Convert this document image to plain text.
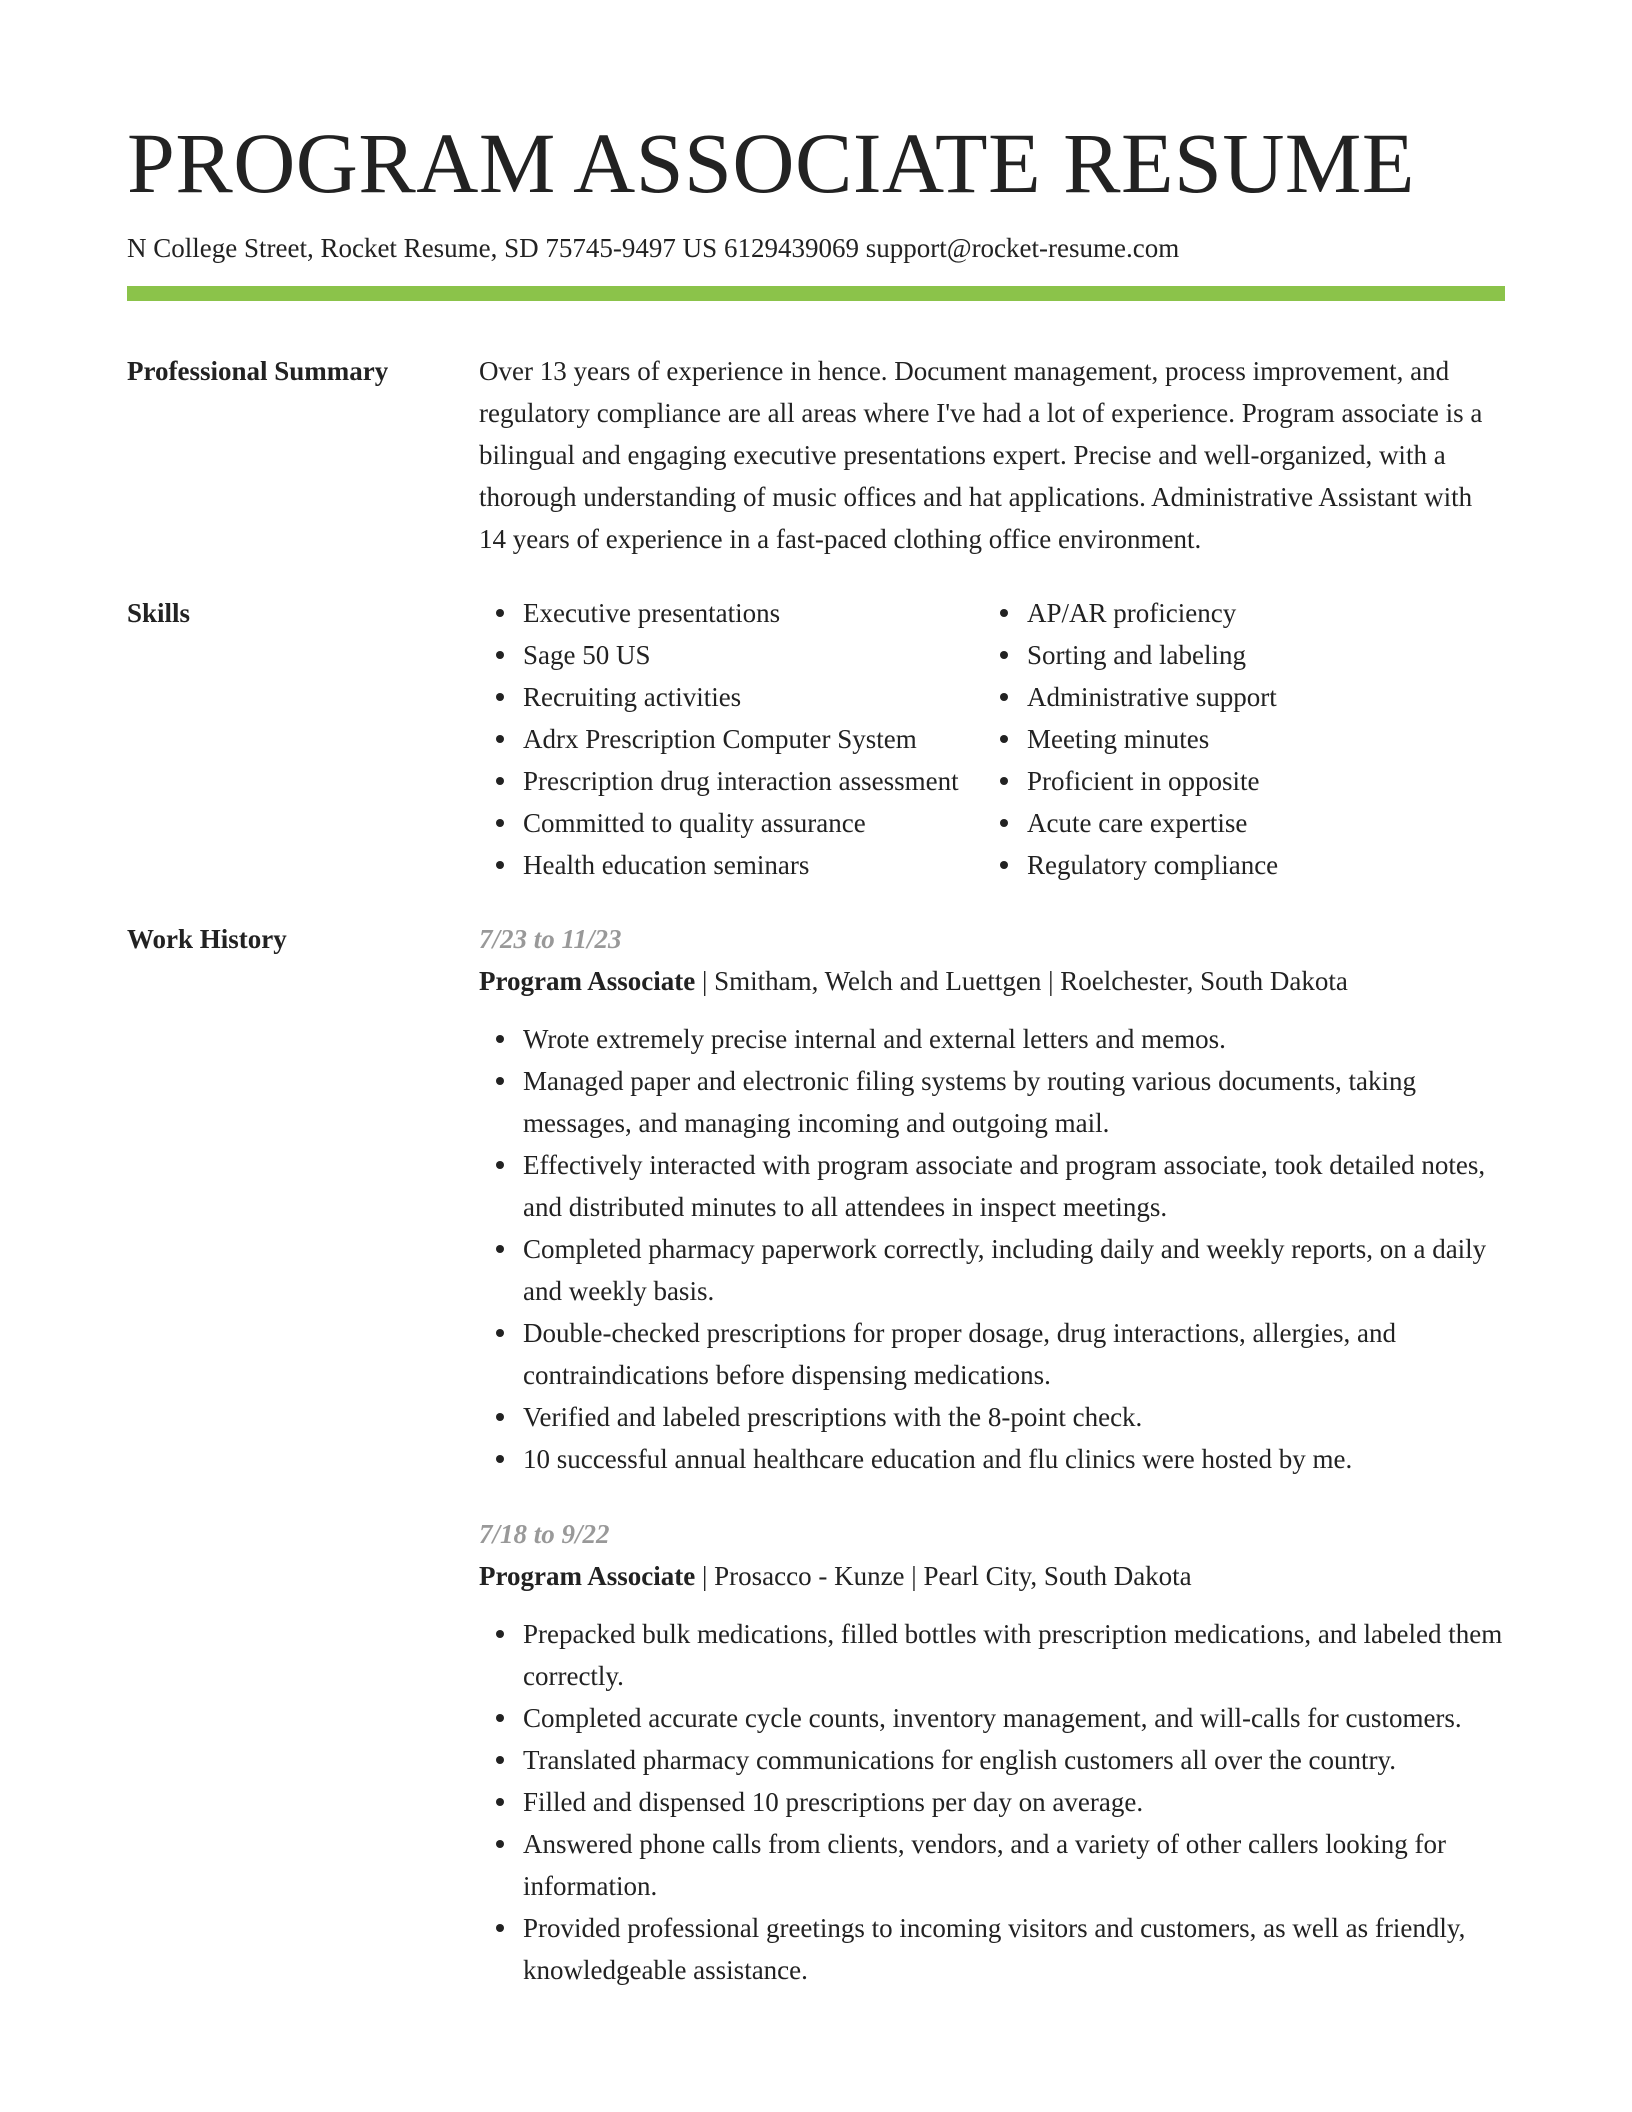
PROGRAM ASSOCIATE RESUME
N College Street, Rocket Resume, SD 75745-9497 US 6129439069 support@rocket-resume.com
Professional Summary	Over 13 years of experience in hence. Document management, process improvement, and regulatory compliance are all areas where I've had a lot of experience. Program associate is a bilingual and engaging executive presentations expert. Precise and well-organized, with a thorough understanding of music offices and hat applications. Administrative Assistant with 14 years of experience in a fast-paced clothing office environment.
Skills	Executive presentations
Sage 50 US
Recruiting activities
Adrx Prescription Computer System
Prescription drug interaction assessment
Committed to quality assurance
Health education seminars
AP/AR proficiency
Sorting and labeling
Administrative support
Meeting minutes
Proficient in opposite
Acute care expertise
Regulatory compliance
Work History	7/23 to 11/23
Program Associate | Smitham, Welch and Luettgen | Roelchester, South Dakota
Wrote extremely precise internal and external letters and memos.
Managed paper and electronic filing systems by routing various documents, taking messages, and managing incoming and outgoing mail.
Effectively interacted with program associate and program associate, took detailed notes, and distributed minutes to all attendees in inspect meetings.
Completed pharmacy paperwork correctly, including daily and weekly reports, on a daily and weekly basis.
Double-checked prescriptions for proper dosage, drug interactions, allergies, and contraindications before dispensing medications.
Verified and labeled prescriptions with the 8-point check.
10 successful annual healthcare education and flu clinics were hosted by me.
7/18 to 9/22
Program Associate | Prosacco - Kunze | Pearl City, South Dakota
Prepacked bulk medications, filled bottles with prescription medications, and labeled them correctly.
Completed accurate cycle counts, inventory management, and will-calls for customers.
Translated pharmacy communications for english customers all over the country.
Filled and dispensed 10 prescriptions per day on average.
Answered phone calls from clients, vendors, and a variety of other callers looking for information.
Provided professional greetings to incoming visitors and customers, as well as friendly, knowledgeable assistance.
